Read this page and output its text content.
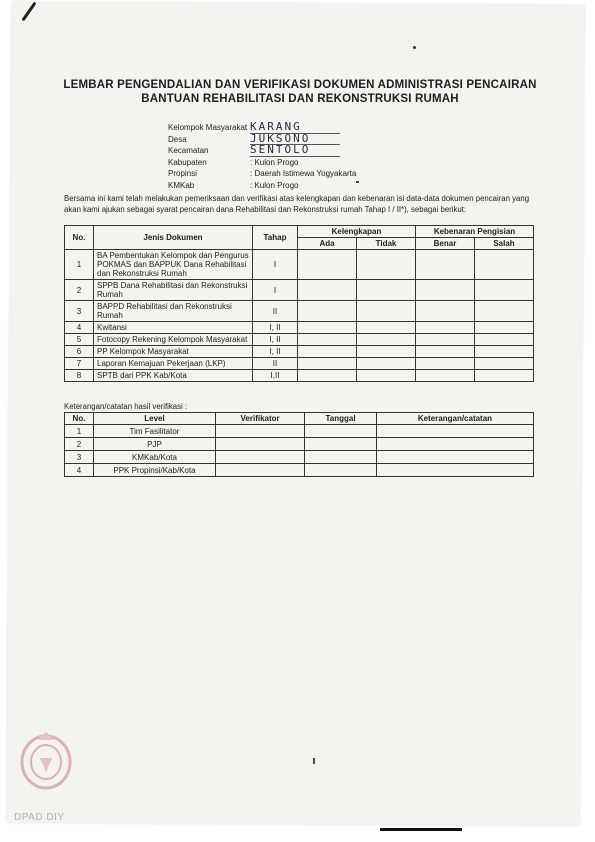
LEMBAR PENGENDALIAN DAN VERIFIKASI DOKUMEN ADMINISTRASI PENCAIRAN
BANTUAN REHABILITASI DAN REKONSTRUKSI RUMAH
Kelompok Masyarakat KARANG
Desa	JUKSONO
Kecamatan	SENTOLO
Kabupaten	: Kulon Progo
Propinsi	: Daerah Istimewa Yogyakarta
KMKab	: Kulon Progo
Bersama ini kami telah melakukan pemeriksaan dan verifikasi atas kelengkapan dan kebenaran isi data-data dokumen pencairan yang akan kami ajukan sebagai syarat pencairan dana Rehabilitasi dan Rekonstruksi rumah Tahap I / II*), sebagai berikut:
No.	Jenis Dokumen	Tahap	Kelengkapan		Kebenaran Pengisian	
			Ada	Tidak	Benar	Salah
1	BA Pembentukan Kelompok dan Pengurus POKMAS dan BAPPUK Dana Rehabilitasi dan Rekonstruksi Rumah	I				
2	SPPB Dana Rehabilitasi dan Rekonstruksi Rumah	I				
3	BAPPD Rehabilitasi dan Rekonstruksi Rumah	II				
4	Kwitansi	I, II				
5	Fotocopy Rekening Kelompok Masyarakat	I, II				
6	PP Kelompok Masyarakat	I, II				
7	Laporan Kemajuan Pekerjaan (LKP)	II				
8	SPTB dari PPK Kab/Kota	I,II				
Keterangan/catatan hasil verifikasi :
No.	Level	Verifikator	Tanggal	Keterangan/catatan
1	Tim Fasilitator			
2	PJP			
3	KMKab/Kota			
4	PPK Propinsi/Kab/Kota			
DPAD DIY
